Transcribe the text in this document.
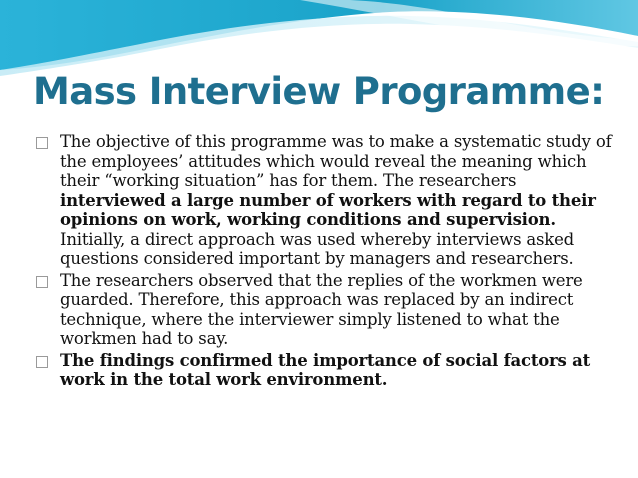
Mass Interview Programme:
The objective of this programme was to make a systematic study of the employees’ attitudes which would reveal the meaning which their “working situation” has for them. The researchers interviewed a large number of workers with regard to their opinions on work, working conditions and supervision. Initially, a direct approach was used whereby interviews asked questions considered important by managers and researchers.
The researchers observed that the replies of the workmen were guarded. Therefore, this approach was replaced by an indirect technique, where the interviewer simply listened to what the workmen had to say.
The findings confirmed the importance of social factors at work in the total work environment.
